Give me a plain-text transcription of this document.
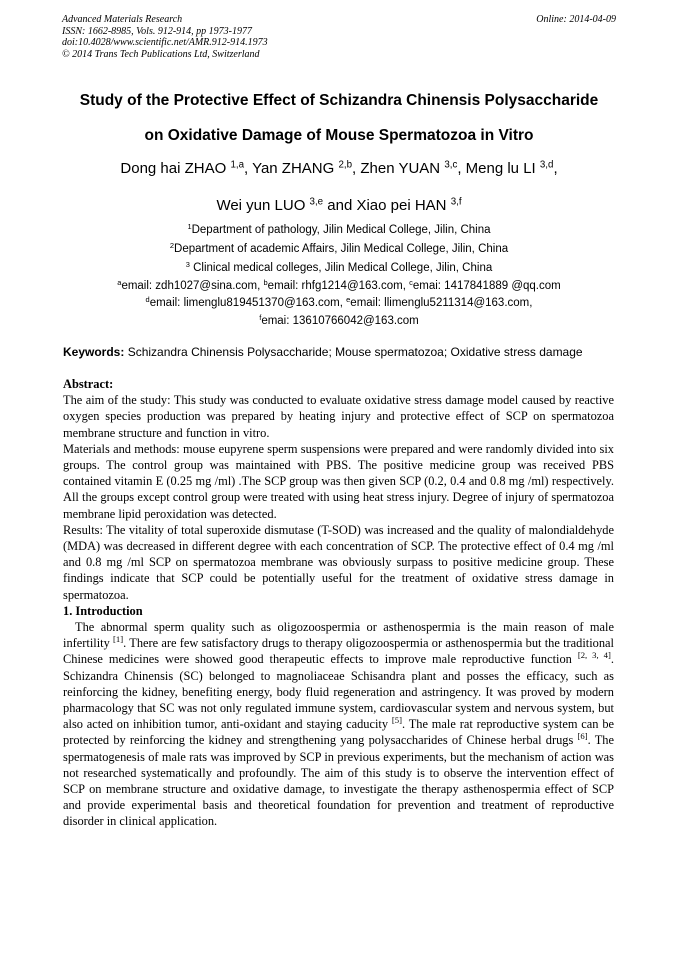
Advanced Materials Research
ISSN: 1662-8985, Vols. 912-914, pp 1973-1977
doi:10.4028/www.scientific.net/AMR.912-914.1973
© 2014 Trans Tech Publications Ltd, Switzerland
Online: 2014-04-09
Study of the Protective Effect of Schizandra Chinensis Polysaccharide
on Oxidative Damage of Mouse Spermatozoa in Vitro
Dong hai ZHAO $^{1,a}$, Yan ZHANG $^{2,b}$, Zhen YUAN $^{3,c}$, Meng lu LI $^{3,d}$,
Wei yun LUO $^{3,e}$ and Xiao pei HAN $^{3,f}$
$^1$Department of pathology, Jilin Medical College, Jilin, China
$^2$Department of academic Affairs, Jilin Medical College, Jilin, China
$^3$ Clinical medical colleges, Jilin Medical College, Jilin, China
$^a$email: zdh1027@sina.com, $^b$email: rhfg1214@163.com, $^c$emai: 1417841889 @qq.com
$^d$email: limenglu819451370@163.com, $^e$email: llimenglu5211314@163.com,
$^f$emai: 13610766042@163.com
Keywords: Schizandra Chinensis Polysaccharide; Mouse spermatozoa; Oxidative stress damage

Abstract:

The aim of the study: This study was conducted to evaluate oxidative stress damage model caused by reactive oxygen species production was prepared by heating injury and protective effect of SCP on spermatozoa membrane structure and function in vitro.

Materials and methods: mouse eupyrene sperm suspensions were prepared and were randomly divided into six groups. The control group was maintained with PBS. The positive medicine group was received PBS contained vitamin E (0.25 mg /ml) .The SCP group was then given SCP (0.2, 0.4 and 0.8 mg /ml) respectively. All the groups except control group were treated with using heat stress injury. Degree of injury of spermatozoa membrane lipid peroxidation was detected.

Results: The vitality of total superoxide dismutase (T-SOD) was increased and the quality of malondialdehyde (MDA) was decreased in different degree with each concentration of SCP. The protective effect of 0.4 mg /ml and 0.8 mg /ml SCP on spermatozoa membrane was obviously surpass to positive medicine group. These findings indicate that SCP could be potentially useful for the treatment of oxidative stress damage in spermatozoa.

1. Introduction

The abnormal sperm quality such as oligozoospermia or asthenospermia is the main reason of male infertility [1]. There are few satisfactory drugs to therapy oligozoospermia or asthenospermia but the traditional Chinese medicines were showed good therapeutic effects to improve male reproductive function [2, 3, 4]. Schizandra Chinensis (SC) belonged to magnoliaceae Schisandra plant and posses the efficacy, such as reinforcing the kidney, benefiting energy, body fluid regeneration and astringency. It was proved by modern pharmacology that SC was not only regulated immune system, cardiovascular system and nervous system, but also acted on inhibition tumor, anti-oxidant and staying caducity [5]. The male rat reproductive system can be protected by reinforcing the kidney and strengthening yang polysaccharides of Chinese herbal drugs [6]. The spermatogenesis of male rats was improved by SCP in previous experiments, but the mechanism of action was not researched systematically and profoundly. The aim of this study is to observe the intervention effect of SCP on membrane structure and oxidative damage, to investigate the therapy asthenospermia effect of SCP and provide experimental basis and theoretical foundation for prevention and treatment of reproductive disorder in clinical application.
